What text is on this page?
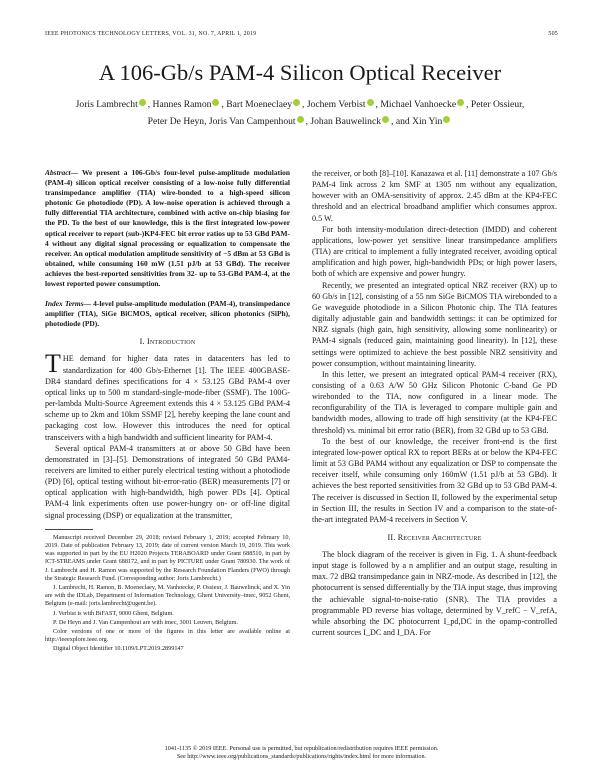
IEEE PHOTONICS TECHNOLOGY LETTERS, VOL. 31, NO. 7, APRIL 1, 2019	505
A 106-Gb/s PAM-4 Silicon Optical Receiver
Joris Lambrecht , Hannes Ramon , Bart Moeneclaey , Jochem Verbist , Michael Vanhoecke , Peter Ossieur,
Peter De Heyn, Joris Van Campenhout , Johan Bauwelinck , and Xin Yin

Abstract— We present a 106-Gb/s four-level pulse-amplitude modulation (PAM-4) silicon optical receiver consisting of a low-noise fully differential transimpedance amplifier (TIA) wire-bonded to a high-speed silicon photonic Ge photodiode (PD). A low-noise operation is achieved through a fully differential TIA architecture, combined with active on-chip biasing for the PD. To the best of our knowledge, this is the first integrated low-power optical receiver to report (sub-)KP4-FEC bit error ratios up to 53 GBd PAM-4 without any digital signal processing or equalization to compensate the receiver. An optical modulation amplitude sensitivity of −5 dBm at 53 GBd is obtained, while consuming 160 mW (1.51 pJ/b at 53 GBd). The receiver achieves the best-reported sensitivities from 32- up to 53-GBd PAM-4, at the lowest reported power consumption.

Index Terms— 4-level pulse-amplitude modulation (PAM-4), transimpedance amplifier (TIA), SiGe BiCMOS, optical receiver, silicon photonics (SiPh), photodiode (PD).

I. Introduction

THE demand for higher data rates in datacenters has led to standardization for 400 Gb/s-Ethernet [1]. The IEEE 400GBASE-DR4 standard defines specifications for 4 × 53.125 GBd PAM-4 over optical links up to 500 m standard-single-mode-fiber (SSMF). The 100G-per-lambda Multi-Source Agreement extends this 4 × 53.125 GBd PAM-4 scheme up to 2km and 10km SSMF [2], hereby keeping the lane count and packaging cost low. However this introduces the need for optical transceivers with a high bandwidth and sufficient linearity for PAM-4.

Several optical PAM-4 transmitters at or above 50 GBd have been demonstrated in [3]–[5]. Demonstrations of integrated 50 GBd PAM4-receivers are limited to either purely electrical testing without a photodiode (PD) [6], optical testing without bit-error-ratio (BER) measurements [7] or optical application with high-bandwidth, high power PDs [4]. Optical PAM-4 link experiments often use power-hungry on- or off-line digital signal processing (DSP) or equalization at the transmitter,

Manuscript received December 29, 2018; revised February 1, 2019; accepted February 10, 2019. Date of publication February 13, 2019; date of current version March 19, 2019. This work was supported in part by the EU H2020 Projects TERABOARD under Grant 688510, in part by ICT-STREAMS under Grant 688172, and in part by PICTURE under Grant 780930. The work of J. Lambrecht and H. Ramon was supported by the Research Foundation Flanders (FWO) through the Strategic Research Fund. (Corresponding author: Joris Lambrecht.)

J. Lambrecht, H. Ramon, B. Moeneclaey, M. Vanhoecke, P. Ossieur, J. Bauwelinck, and X. Yin are with the IDLab, Department of Information Technology, Ghent University–imec, 9052 Ghent, Belgium (e-mail: joris.lambrecht@ugent.be).

J. Verbist is with BiFAST, 9000 Ghent, Belgium.

P. De Heyn and J. Van Campenhout are with imec, 3001 Leuven, Belgium.

Color versions of one or more of the figures in this letter are available online at http://ieeexplore.ieee.org.

Digital Object Identifier 10.1109/LPT.2019.2899147

the receiver, or both [8]–[10]. Kanazawa et al. [11] demonstrate a 107 Gb/s PAM-4 link across 2 km SMF at 1305 nm without any equalization, however with an OMA-sensitivity of approx. 2.45 dBm at the KP4-FEC threshold and an electrical broadband amplifier which consumes approx. 0.5 W.

For both intensity-modulation direct-detection (IMDD) and coherent applications, low-power yet sensitive linear transimpedance amplifiers (TIA) are critical to implement a fully integrated receiver, avoiding optical amplification and high power, high-bandwidth PDs; or high power lasers, both of which are expensive and power hungry.

Recently, we presented an integrated optical NRZ receiver (RX) up to 60 Gb/s in [12], consisting of a 55 nm SiGe BiCMOS TIA wirebonded to a Ge waveguide photodiode in a Silicon Photonic chip. The TIA features digitally adjustable gain and bandwidth settings: it can be optimized for NRZ signals (high gain, high sensitivity, allowing some nonlinearity) or PAM-4 signals (reduced gain, maintaining good linearity). In [12], these settings were optimized to achieve the best possible NRZ sensitivity and power consumption, without maintaining linearity.

In this letter, we present an integrated optical PAM-4 receiver (RX), consisting of a 0.63 A/W 50 GHz Silicon Photonic C-band Ge PD wirebonded to the TIA, now configured in a linear mode. The reconfigurability of the TIA is leveraged to compare multiple gain and bandwidth modes, allowing to trade off high sensitivity (at the KP4-FEC threshold) vs. minimal bit error ratio (BER), from 32 GBd up to 53 GBd.

To the best of our knowledge, the receiver front-end is the first integrated low-power optical RX to report BERs at or below the KP4-FEC limit at 53 GBd PAM4 without any equalization or DSP to compensate the receiver itself, while consuming only 160mW (1.51 pJ/b at 53 GBd). It achieves the best reported sensitivities from 32 GBd up to 53 GBd PAM-4. The receiver is discussed in Section II, followed by the experimental setup in Section III, the results in Section IV and a comparison to the state-of-the-art integrated PAM-4 receivers in Section V.

II. Receiver Architecture

The block diagram of the receiver is given in Fig. 1. A shunt-feedback input stage is followed by a n amplifier and an output stage, resulting in max. 72 dBΩ transimpedance gain in NRZ-mode. As described in [12], the photocurrent is sensed differentially by the TIA input stage, thus improving the achievable signal-to-noise-ratio (SNR). The TIA provides a programmable PD reverse bias voltage, determined by V_refC − V_refA, while absorbing the DC photocurrent I_pd,DC in the opamp-controlled current sources I_DC and I_DA. For

1041-1135 © 2019 IEEE. Personal use is permitted, but republication/redistribution requires IEEE permission.
See http://www.ieee.org/publications_standards/publications/rights/index.html for more information.
